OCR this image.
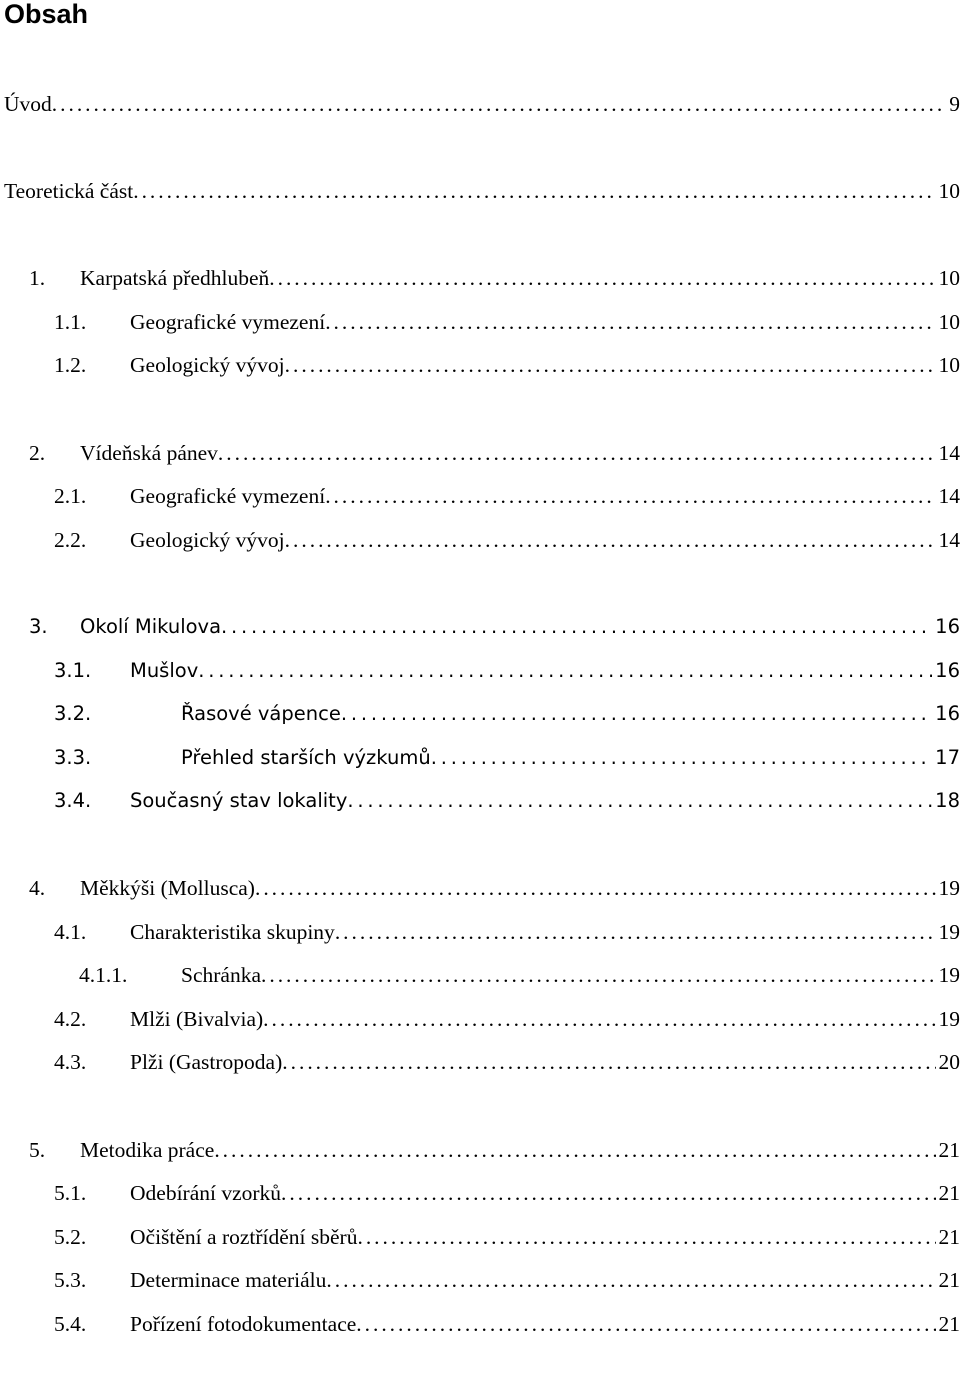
Obsah
Úvod . . .	9
Teoretická část . . .	10
1.	Karpatská předhlubeň . . .	10
1.1.	Geografické vymezení . . .	10
1.2.	Geologický vývoj . . .	10
2.	Vídeňská pánev . . .	14
2.1.	Geografické vymezení . . .	14
2.2.	Geologický vývoj . . .	14
3.	Okolí Mikulova . . .	16
3.1.	Mušlov . . .	16
3.2.	Řasové vápence . . .	16
3.3.	Přehled starších výzkumů . . .	17
3.4.	Současný stav lokality . . .	18
4.	Měkkýši (Mollusca) . . .	19
4.1.	Charakteristika skupiny . . .	19
4.1.1.	Schránka . . .	19
4.2.	Mlži (Bivalvia) . . .	19
4.3.	Plži (Gastropoda) . . .	20
5.	Metodika práce . . .	21
5.1.	Odebírání vzorků . . .	21
5.2.	Očištění a roztřídění sběrů . . .	21
5.3.	Determinace materiálu . . .	21
5.4.	Pořízení fotodokumentace . . .	21
